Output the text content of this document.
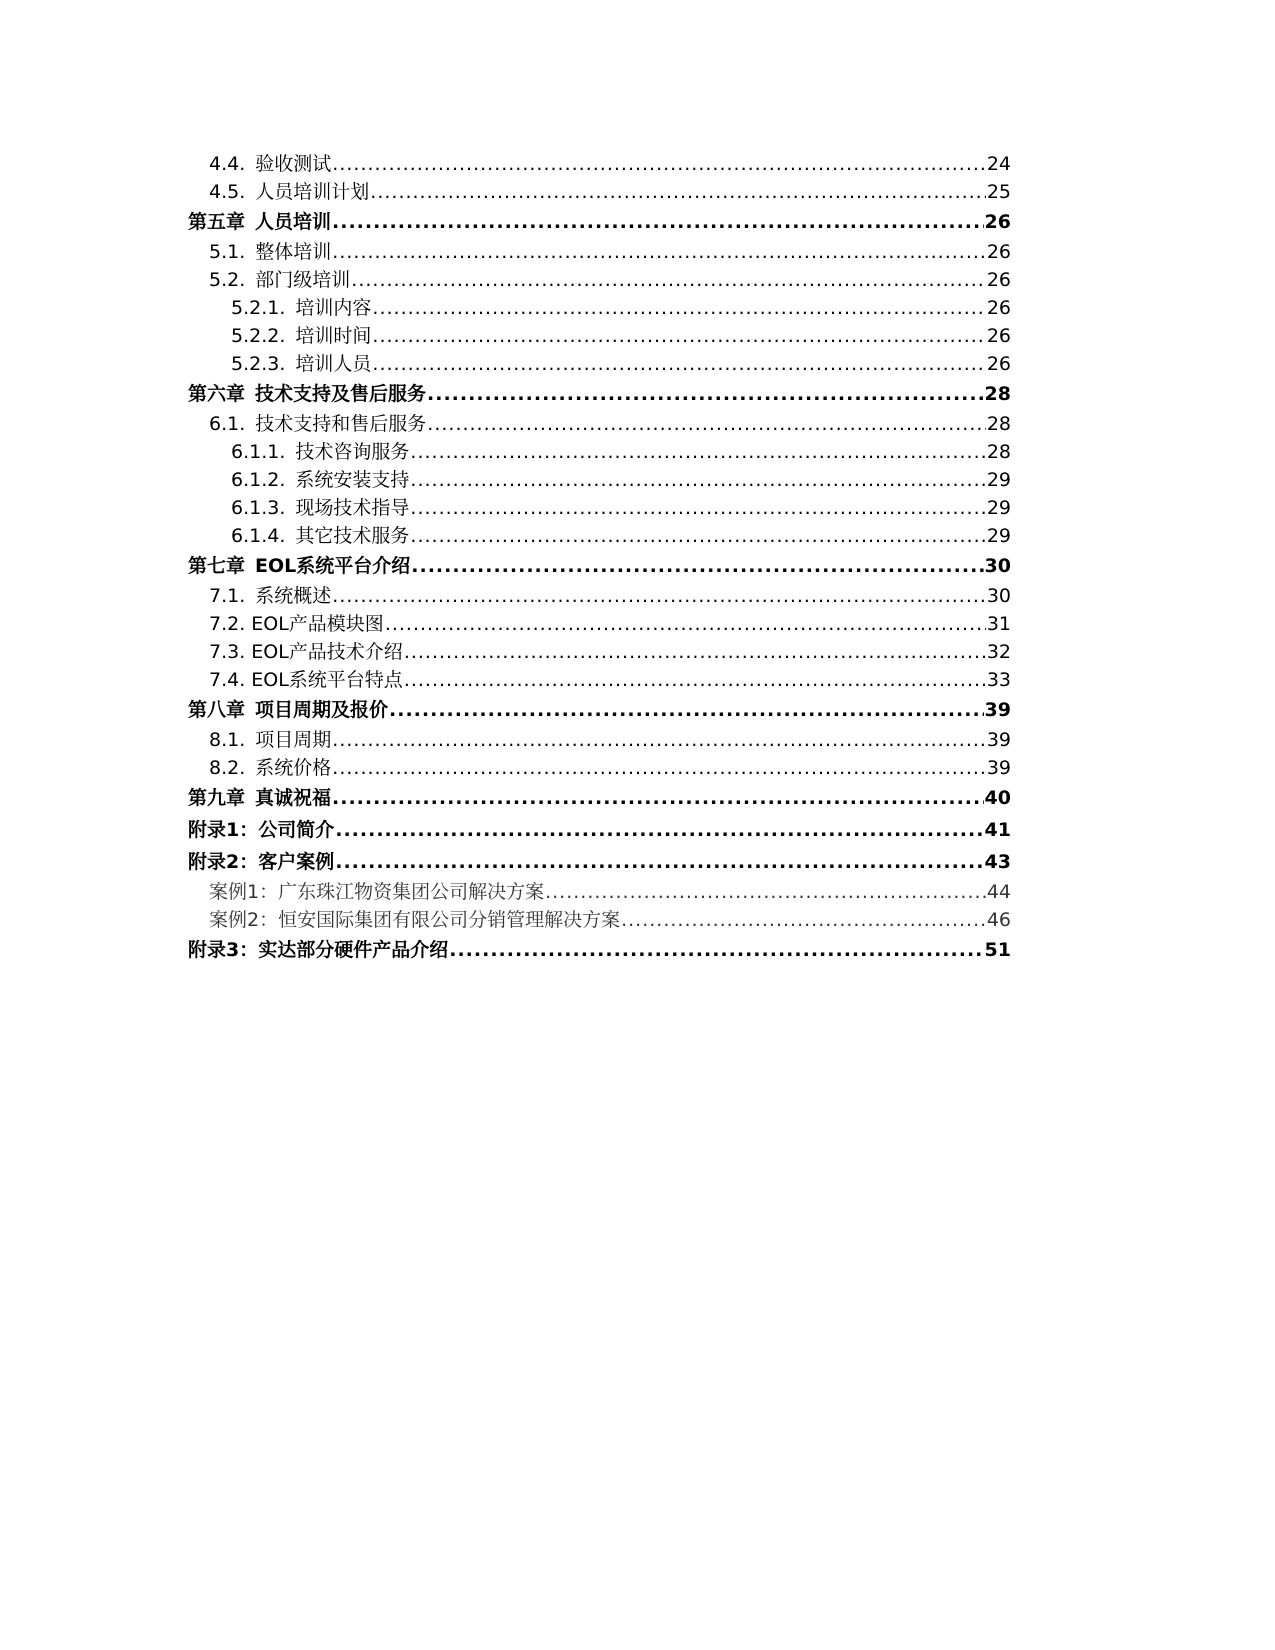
4.4. 验收测试 .....	24
4.5. 人员培训计划 .....	25
第五章 人员培训 .....	26
5.1. 整体培训 .....	26
5.2. 部门级培训 .....	26
5.2.1. 培训内容 .....	26
5.2.2. 培训时间 .....	26
5.2.3. 培训人员 .....	26
第六章 技术支持及售后服务 .....	28
6.1. 技术支持和售后服务 .....	28
6.1.1. 技术咨询服务 .....	28
6.1.2. 系统安装支持 .....	29
6.1.3. 现场技术指导 .....	29
6.1.4. 其它技术服务 .....	29
第七章 EOL系统平台介绍 .....	30
7.1. 系统概述 .....	30
7.2. EOL产品模块图 .....	31
7.3. EOL产品技术介绍 .....	32
7.4. EOL系统平台特点 .....	33
第八章 项目周期及报价 .....	39
8.1. 项目周期 .....	39
8.2. 系统价格 .....	39
第九章 真诚祝福 .....	40
附录1：公司简介 .....	41
附录2：客户案例 .....	43
案例1：广东珠江物资集团公司解决方案 .....	44
案例2：恒安国际集团有限公司分销管理解决方案 .....	46
附录3：实达部分硬件产品介绍 .....	51
